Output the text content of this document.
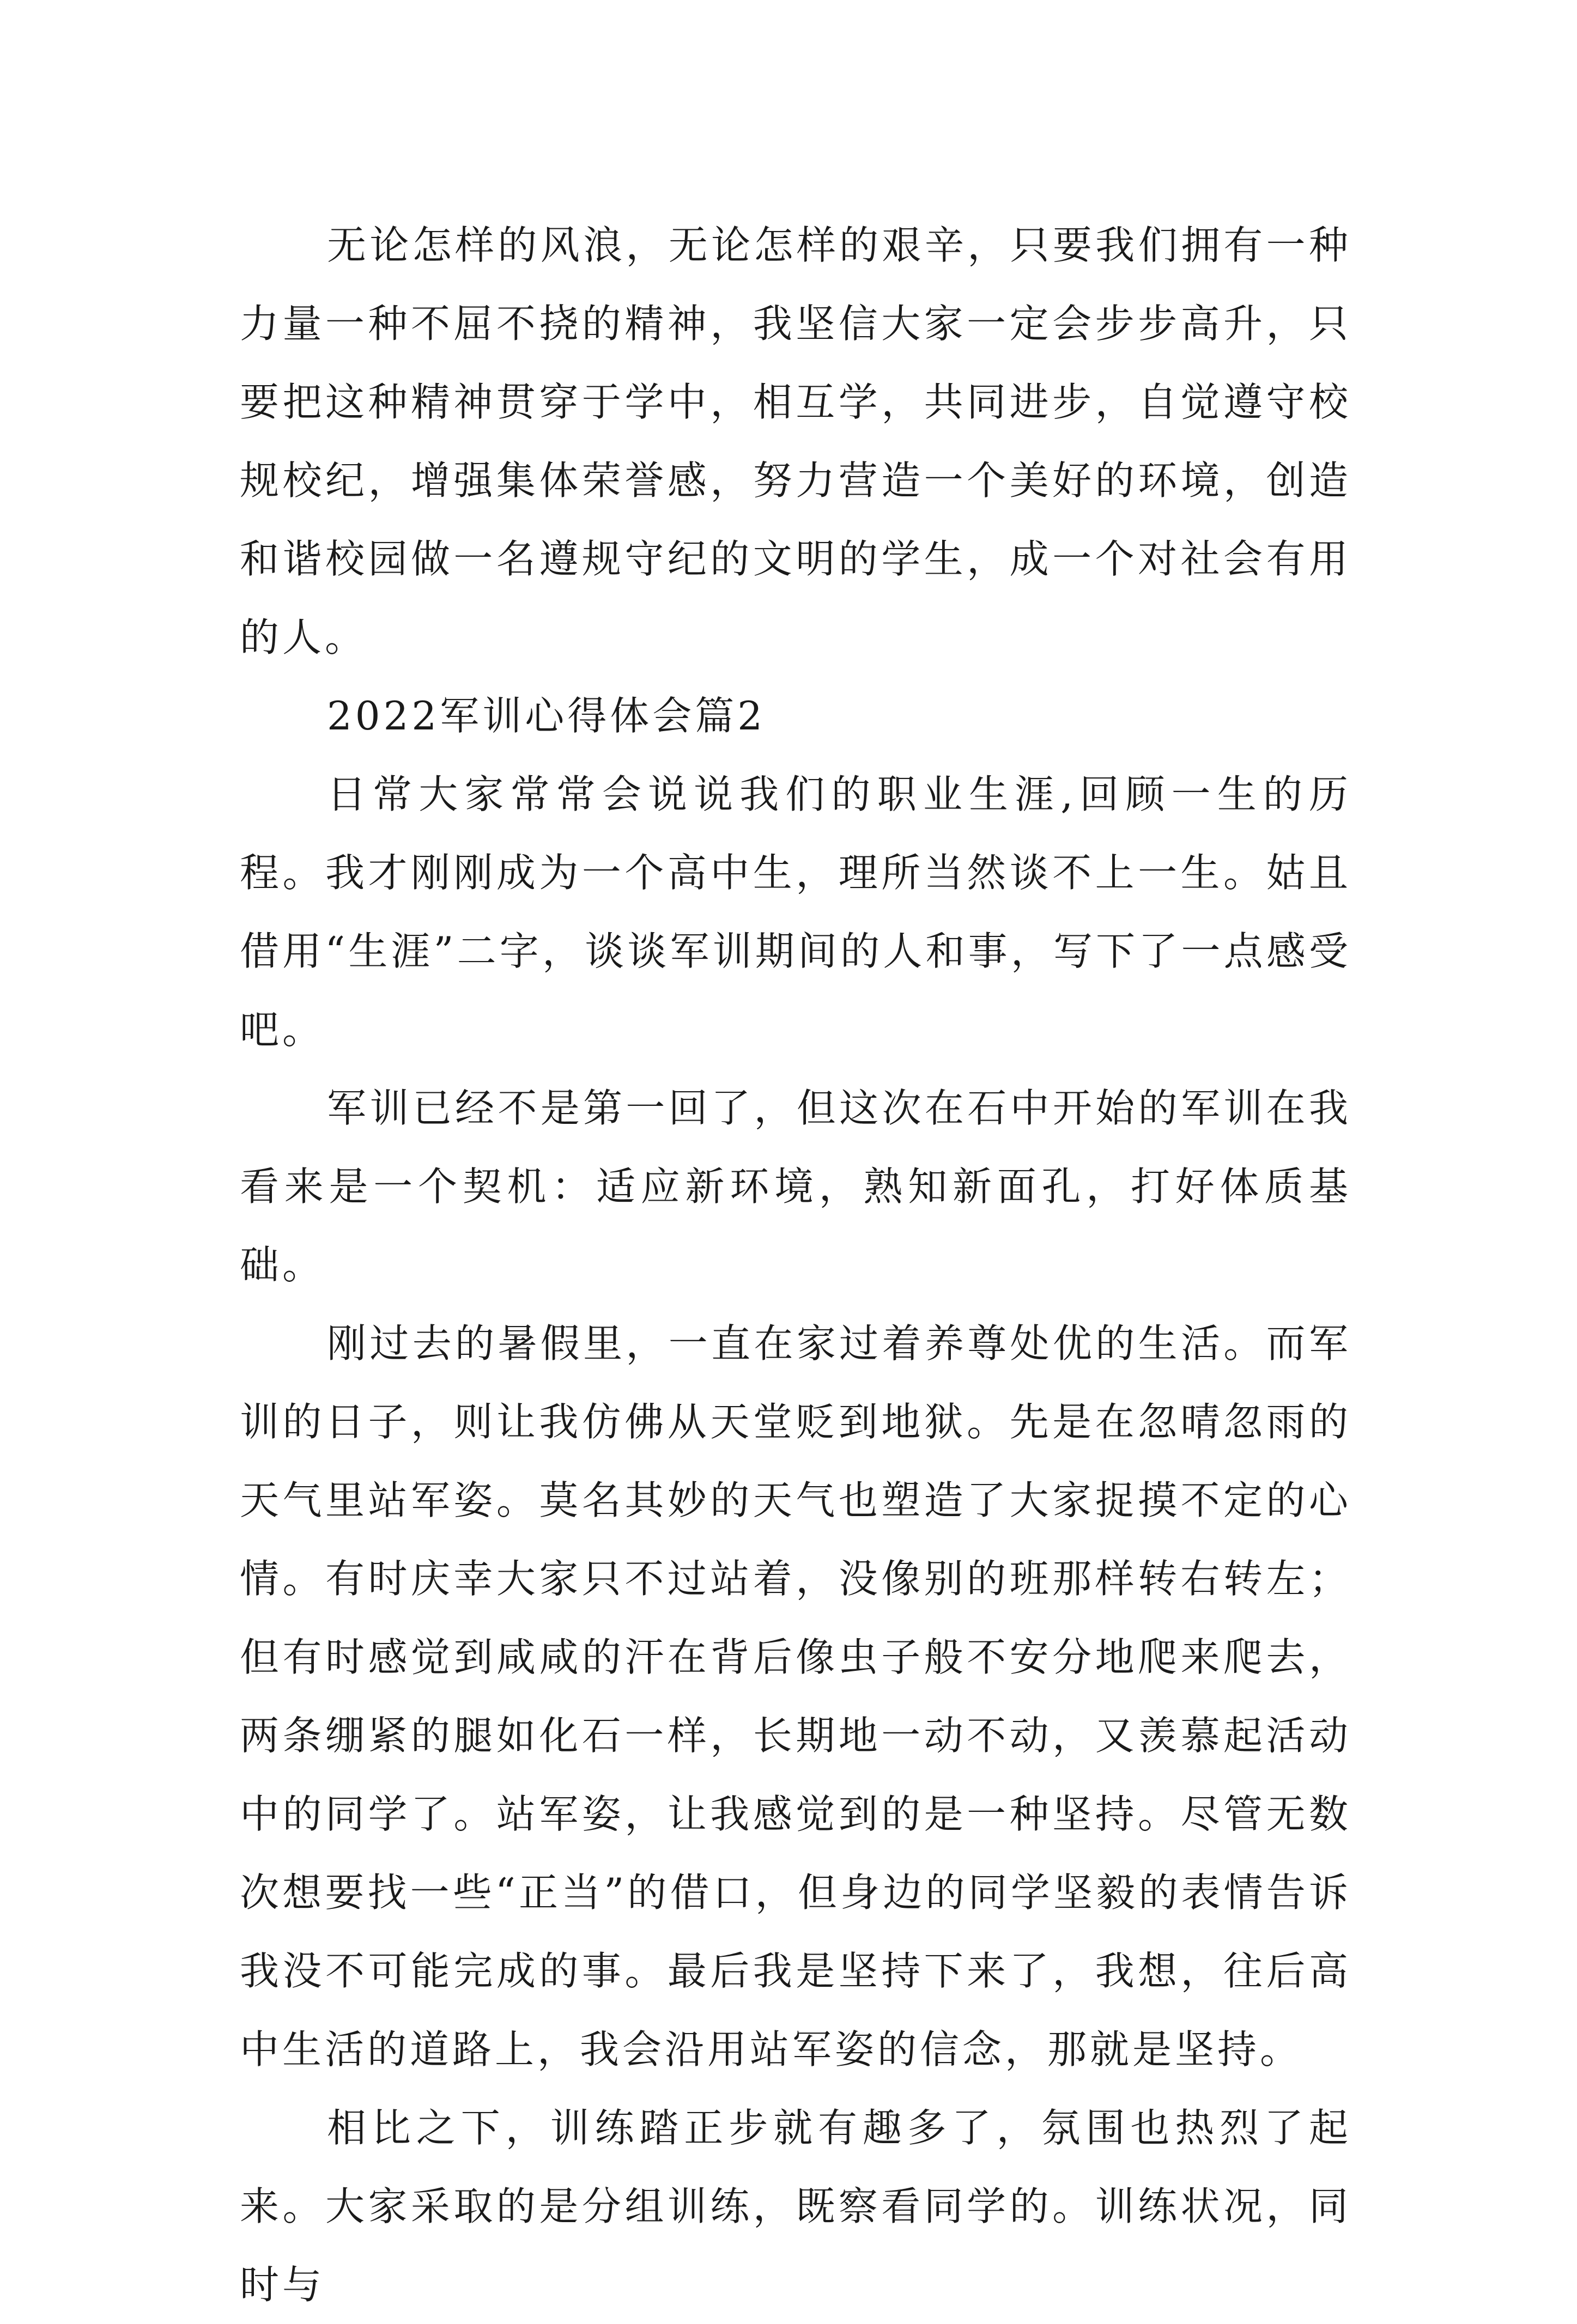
无论怎样的风浪，无论怎样的艰辛，只要我们拥有一种力量一种不屈不挠的精神，我坚信大家一定会步步高升，只要把这种精神贯穿于学中，相互学，共同进步，自觉遵守校规校纪，增强集体荣誉感，努力营造一个美好的环境，创造和谐校园做一名遵规守纪的文明的学生，成一个对社会有用的人。

2022军训心得体会篇2

日常大家常常会说说我们的职业生涯,回顾一生的历程。我才刚刚成为一个高中生，理所当然谈不上一生。姑且借用“生涯”二字，谈谈军训期间的人和事，写下了一点感受吧。

军训已经不是第一回了，但这次在石中开始的军训在我看来是一个契机：适应新环境，熟知新面孔，打好体质基础。

刚过去的暑假里，一直在家过着养尊处优的生活。而军训的日子，则让我仿佛从天堂贬到地狱。先是在忽晴忽雨的天气里站军姿。莫名其妙的天气也塑造了大家捉摸不定的心情。有时庆幸大家只不过站着，没像别的班那样转右转左；但有时感觉到咸咸的汗在背后像虫子般不安分地爬来爬去，两条绷紧的腿如化石一样，长期地一动不动，又羡慕起活动中的同学了。站军姿，让我感觉到的是一种坚持。尽管无数次想要找一些“正当”的借口，但身边的同学坚毅的表情告诉我没不可能完成的事。最后我是坚持下来了，我想，往后高中生活的道路上，我会沿用站军姿的信念，那就是坚持。

相比之下，训练踏正步就有趣多了，氛围也热烈了起来。大家采取的是分组训练，既察看同学的。训练状况，同时与
